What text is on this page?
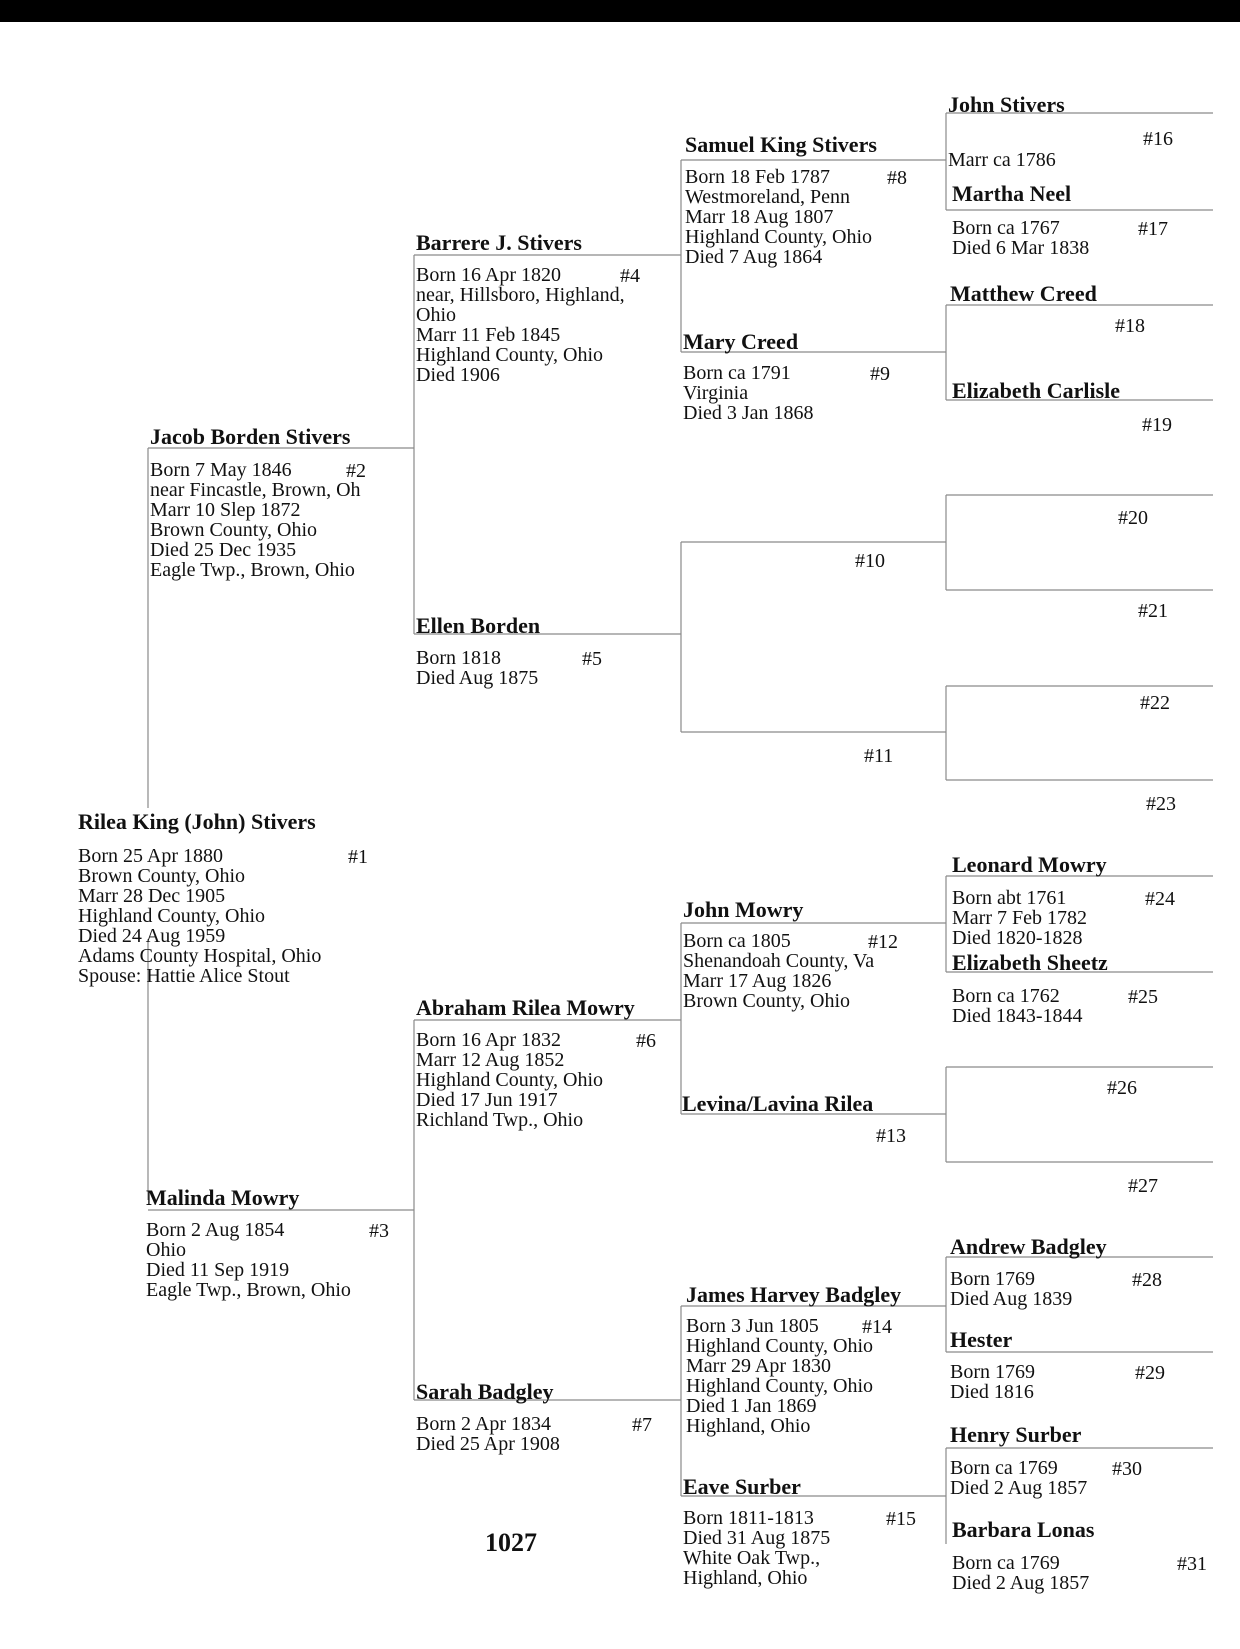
Rilea King (John) Stivers
Born 25 Apr 1880
Brown County, Ohio
Marr 28 Dec 1905
Highland County, Ohio
Died 24 Aug 1959
Adams County Hospital, Ohio
Spouse: Hattie Alice Stout
#1
Jacob Borden Stivers
Born 7 May 1846
near Fincastle, Brown, Oh
Marr 10 Slep 1872
Brown County, Ohio
Died 25 Dec 1935
Eagle Twp., Brown, Ohio
#2
Malinda Mowry
Born 2 Aug 1854
Ohio
Died 11 Sep 1919
Eagle Twp., Brown, Ohio
#3
Barrere J. Stivers
Born 16 Apr 1820
near, Hillsboro, Highland,
Ohio
Marr 11 Feb 1845
Highland County, Ohio
Died 1906
#4
Ellen Borden
Born 1818
Died Aug 1875
#5
Abraham Rilea Mowry
Born 16 Apr 1832
Marr 12 Aug 1852
Highland County, Ohio
Died 17 Jun 1917
Richland Twp., Ohio
#6
Sarah Badgley
Born 2 Apr 1834
Died 25 Apr 1908
#7
Samuel King Stivers
Born 18 Feb 1787
Westmoreland, Penn
Marr 18 Aug 1807
Highland County, Ohio
Died 7 Aug 1864
#8
Mary Creed
Born ca 1791
Virginia
Died 3 Jan 1868
#9
#10
#11
John Mowry
Born ca 1805
Shenandoah County, Va
Marr 17 Aug 1826
Brown County, Ohio
#12
Levina/Lavina Rilea
#13
James Harvey Badgley
Born 3 Jun 1805
Highland County, Ohio
Marr 29 Apr 1830
Highland County, Ohio
Died 1 Jan 1869
Highland, Ohio
#14
Eave Surber
Born 1811-1813
Died 31 Aug 1875
White Oak Twp.,
Highland, Ohio
#15
John Stivers
Marr ca 1786
#16
Martha Neel
Born ca 1767
Died 6 Mar 1838
#17
Matthew Creed
#18
Elizabeth Carlisle
#19
#20
#21
#22
#23
Leonard Mowry
Born abt 1761
Marr 7 Feb 1782
Died 1820-1828
#24
Elizabeth Sheetz
Born ca 1762
Died 1843-1844
#25
#26
#27
Andrew Badgley
Born 1769
Died Aug 1839
#28
Hester
Born 1769
Died 1816
#29
Henry Surber
Born ca 1769
Died 2 Aug 1857
#30
Barbara Lonas
Born ca 1769
Died 2 Aug 1857
#31
1027
